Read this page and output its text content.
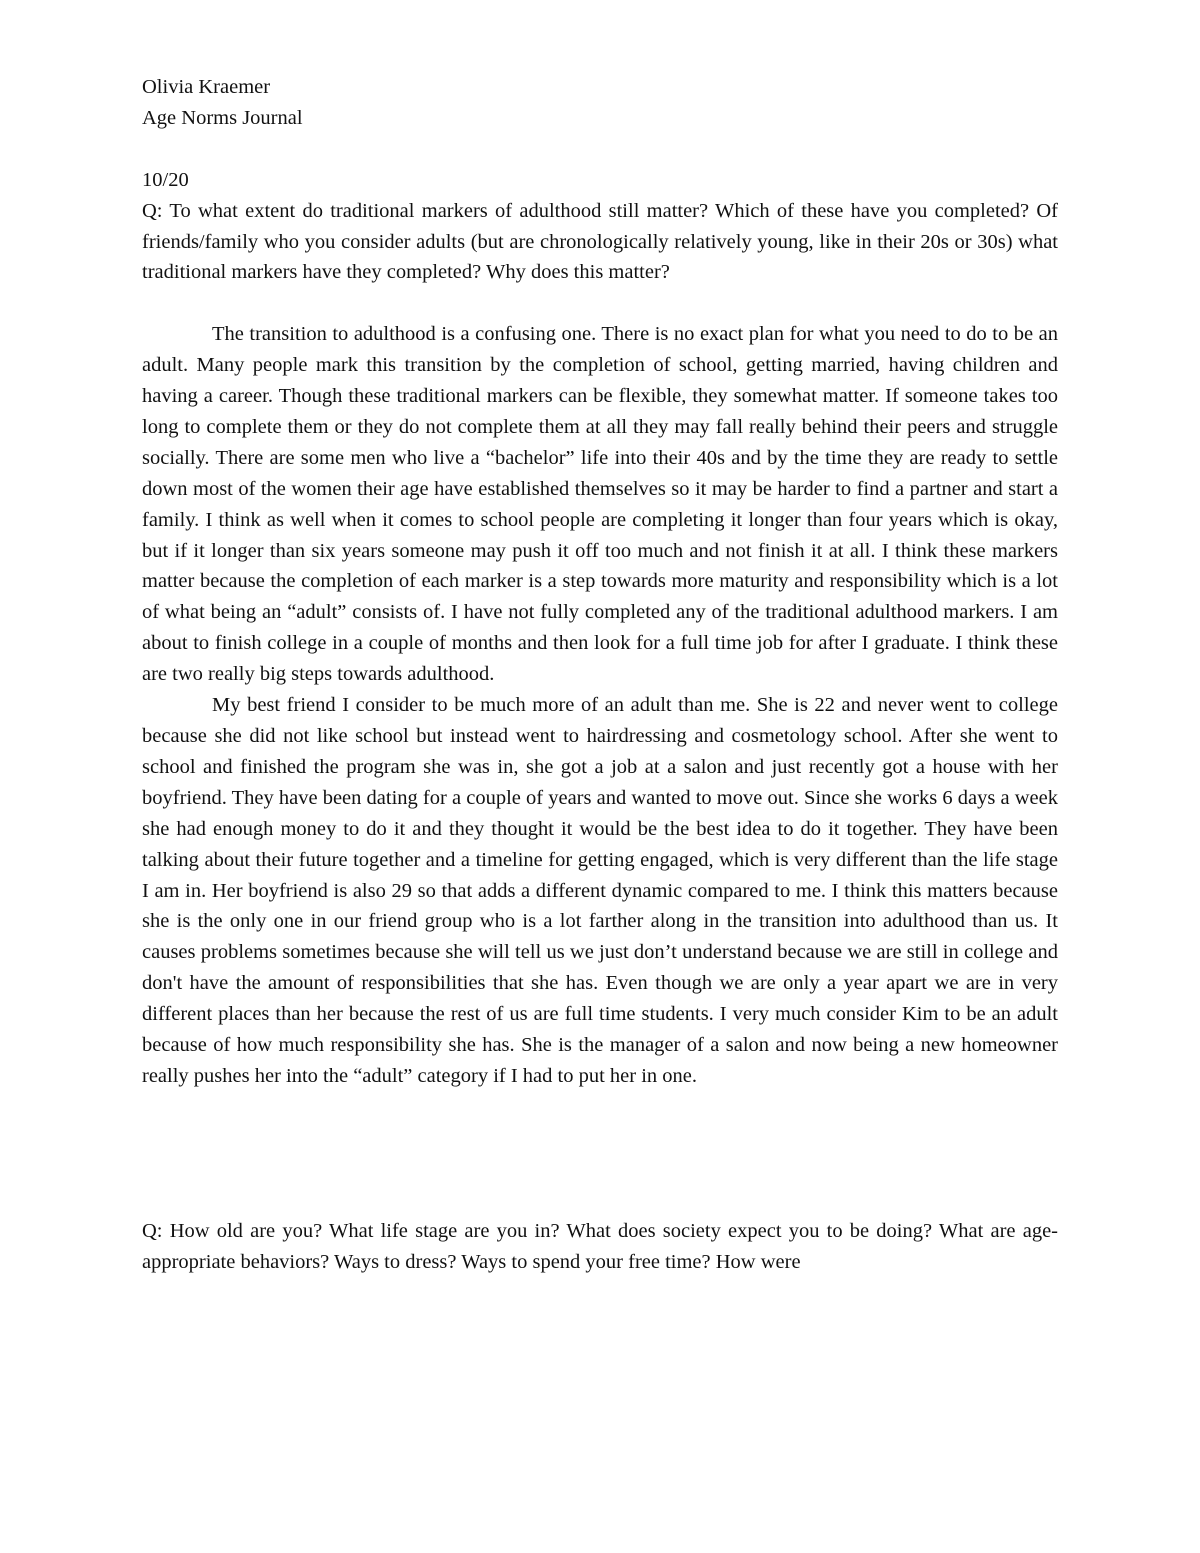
Olivia Kraemer

Age Norms Journal

10/20

Q: To what extent do traditional markers of adulthood still matter? Which of these have you completed? Of friends/family who you consider adults (but are chronologically relatively young, like in their 20s or 30s) what traditional markers have they completed? Why does this matter?

The transition to adulthood is a confusing one. There is no exact plan for what you need to do to be an adult. Many people mark this transition by the completion of school, getting married, having children and having a career. Though these traditional markers can be flexible, they somewhat matter. If someone takes too long to complete them or they do not complete them at all they may fall really behind their peers and struggle socially. There are some men who live a “bachelor” life into their 40s and by the time they are ready to settle down most of the women their age have established themselves so it may be harder to find a partner and start a family. I think as well when it comes to school people are completing it longer than four years which is okay, but if it longer than six years someone may push it off too much and not finish it at all. I think these markers matter because the completion of each marker is a step towards more maturity and responsibility which is a lot of what being an “adult” consists of. I have not fully completed any of the traditional adulthood markers. I am about to finish college in a couple of months and then look for a full time job for after I graduate. I think these are two really big steps towards adulthood.

My best friend I consider to be much more of an adult than me. She is 22 and never went to college because she did not like school but instead went to hairdressing and cosmetology school. After she went to school and finished the program she was in, she got a job at a salon and just recently got a house with her boyfriend. They have been dating for a couple of years and wanted to move out. Since she works 6 days a week she had enough money to do it and they thought it would be the best idea to do it together. They have been talking about their future together and a timeline for getting engaged, which is very different than the life stage I am in. Her boyfriend is also 29 so that adds a different dynamic compared to me. I think this matters because she is the only one in our friend group who is a lot farther along in the transition into adulthood than us. It causes problems sometimes because she will tell us we just don’t understand because we are still in college and don't have the amount of responsibilities that she has. Even though we are only a year apart we are in very different places than her because the rest of us are full time students. I very much consider Kim to be an adult because of how much responsibility she has. She is the manager of a salon and now being a new homeowner really pushes her into the “adult” category if I had to put her in one.

Q: How old are you? What life stage are you in? What does society expect you to be doing? What are age-appropriate behaviors? Ways to dress? Ways to spend your free time? How were
